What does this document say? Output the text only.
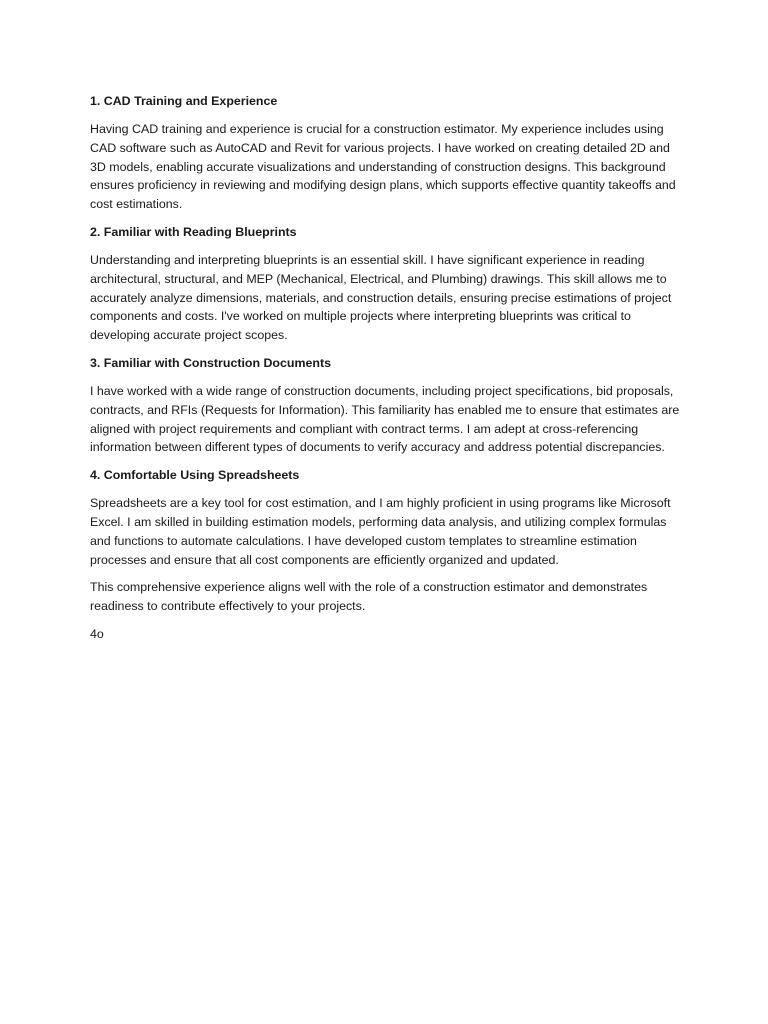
1. CAD Training and Experience

Having CAD training and experience is crucial for a construction estimator. My experience includes using CAD software such as AutoCAD and Revit for various projects. I have worked on creating detailed 2D and 3D models, enabling accurate visualizations and understanding of construction designs. This background ensures proficiency in reviewing and modifying design plans, which supports effective quantity takeoffs and cost estimations.

2. Familiar with Reading Blueprints

Understanding and interpreting blueprints is an essential skill. I have significant experience in reading architectural, structural, and MEP (Mechanical, Electrical, and Plumbing) drawings. This skill allows me to accurately analyze dimensions, materials, and construction details, ensuring precise estimations of project components and costs. I've worked on multiple projects where interpreting blueprints was critical to developing accurate project scopes.

3. Familiar with Construction Documents

I have worked with a wide range of construction documents, including project specifications, bid proposals, contracts, and RFIs (Requests for Information). This familiarity has enabled me to ensure that estimates are aligned with project requirements and compliant with contract terms. I am adept at cross-referencing information between different types of documents to verify accuracy and address potential discrepancies.

4. Comfortable Using Spreadsheets

Spreadsheets are a key tool for cost estimation, and I am highly proficient in using programs like Microsoft Excel. I am skilled in building estimation models, performing data analysis, and utilizing complex formulas and functions to automate calculations. I have developed custom templates to streamline estimation processes and ensure that all cost components are efficiently organized and updated.

This comprehensive experience aligns well with the role of a construction estimator and demonstrates readiness to contribute effectively to your projects.

4o
